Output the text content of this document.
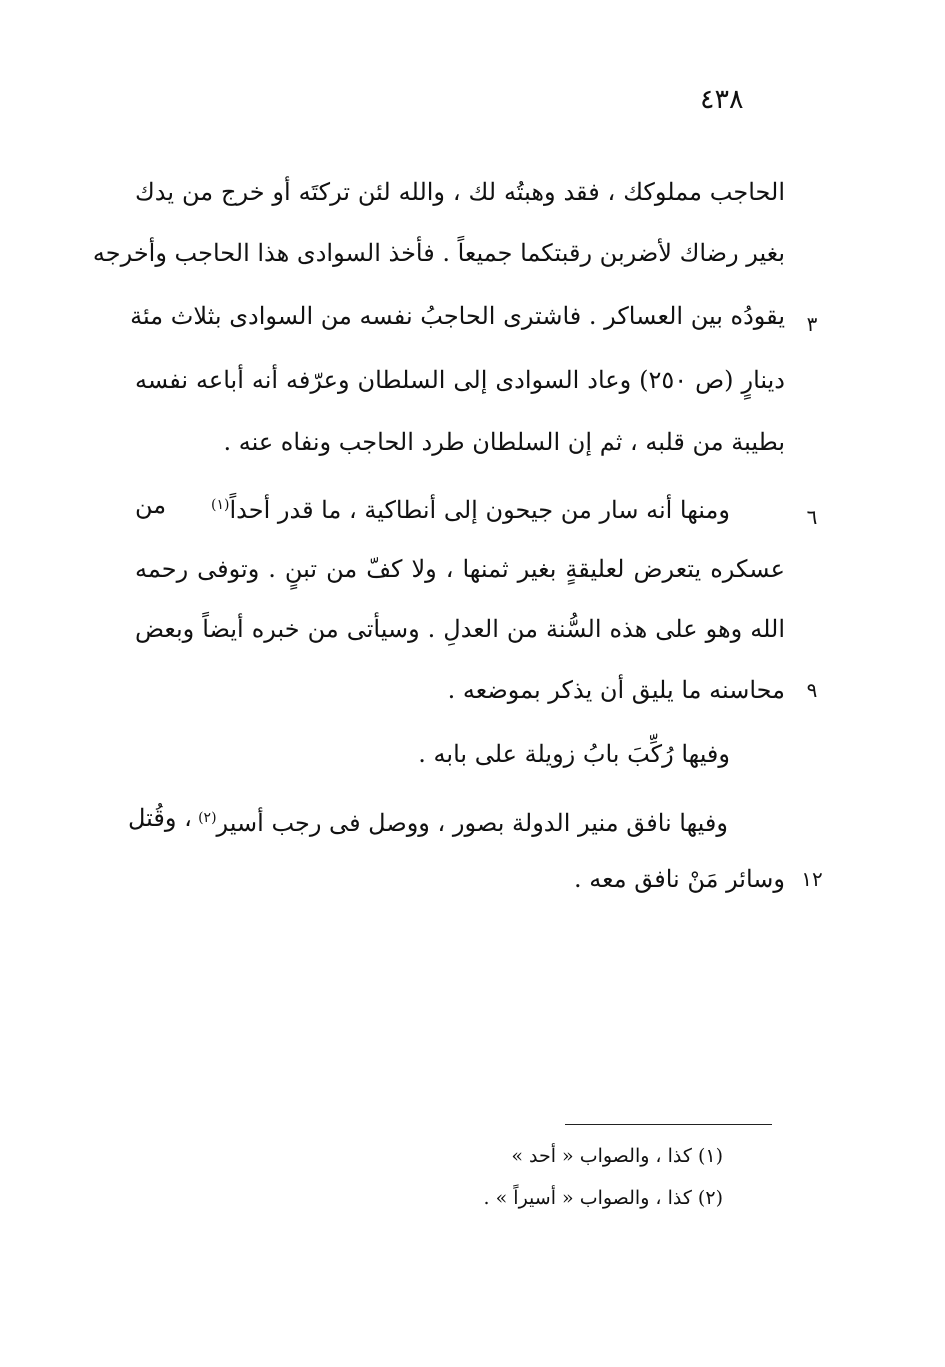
٤٣٨
الحاجب مملوكك ، فقد وهبتُه لك ، والله لئن تركتَه أو خرج من يدك
بغير رضاك لأضربن رقبتكما جميعاً . فأخذ السوادى هذا الحاجب وأخرجه
يقودُه بين العساكر . فاشترى الحاجبُ نفسه من السوادى بثلاث مئة	٣
دينارٍ (ص ٢٥٠) وعاد السوادى إلى السلطان وعرّفه أنه أباعه نفسه
بطيبة من قلبه ، ثم إن السلطان طرد الحاجب ونفاه عنه .
ومنها أنه سار من جيحون إلى أنطاكية ، ما قدر أحداً$^{(١)}$
من	٦
عسكره يتعرض لعليقةٍ بغير ثمنها ، ولا كفّ من تبنٍ . وتوفى رحمه
الله وهو على هذه السُّنة من العدلِ . وسيأتى من خبره أيضاً وبعض
محاسنه ما يليق أن يذكر بموضعه .	٩
وفيها رُكِّبَ بابُ زويلة على بابه .
وفيها نافق منير الدولة بصور ، ووصل فى رجب أسير$^{(٢)}$
، وقُتل
وسائر مَنْ نافق معه . ١٢
(١) كذا ، والصواب « أحد »
(٢) كذا ، والصواب « أسيراً » .
